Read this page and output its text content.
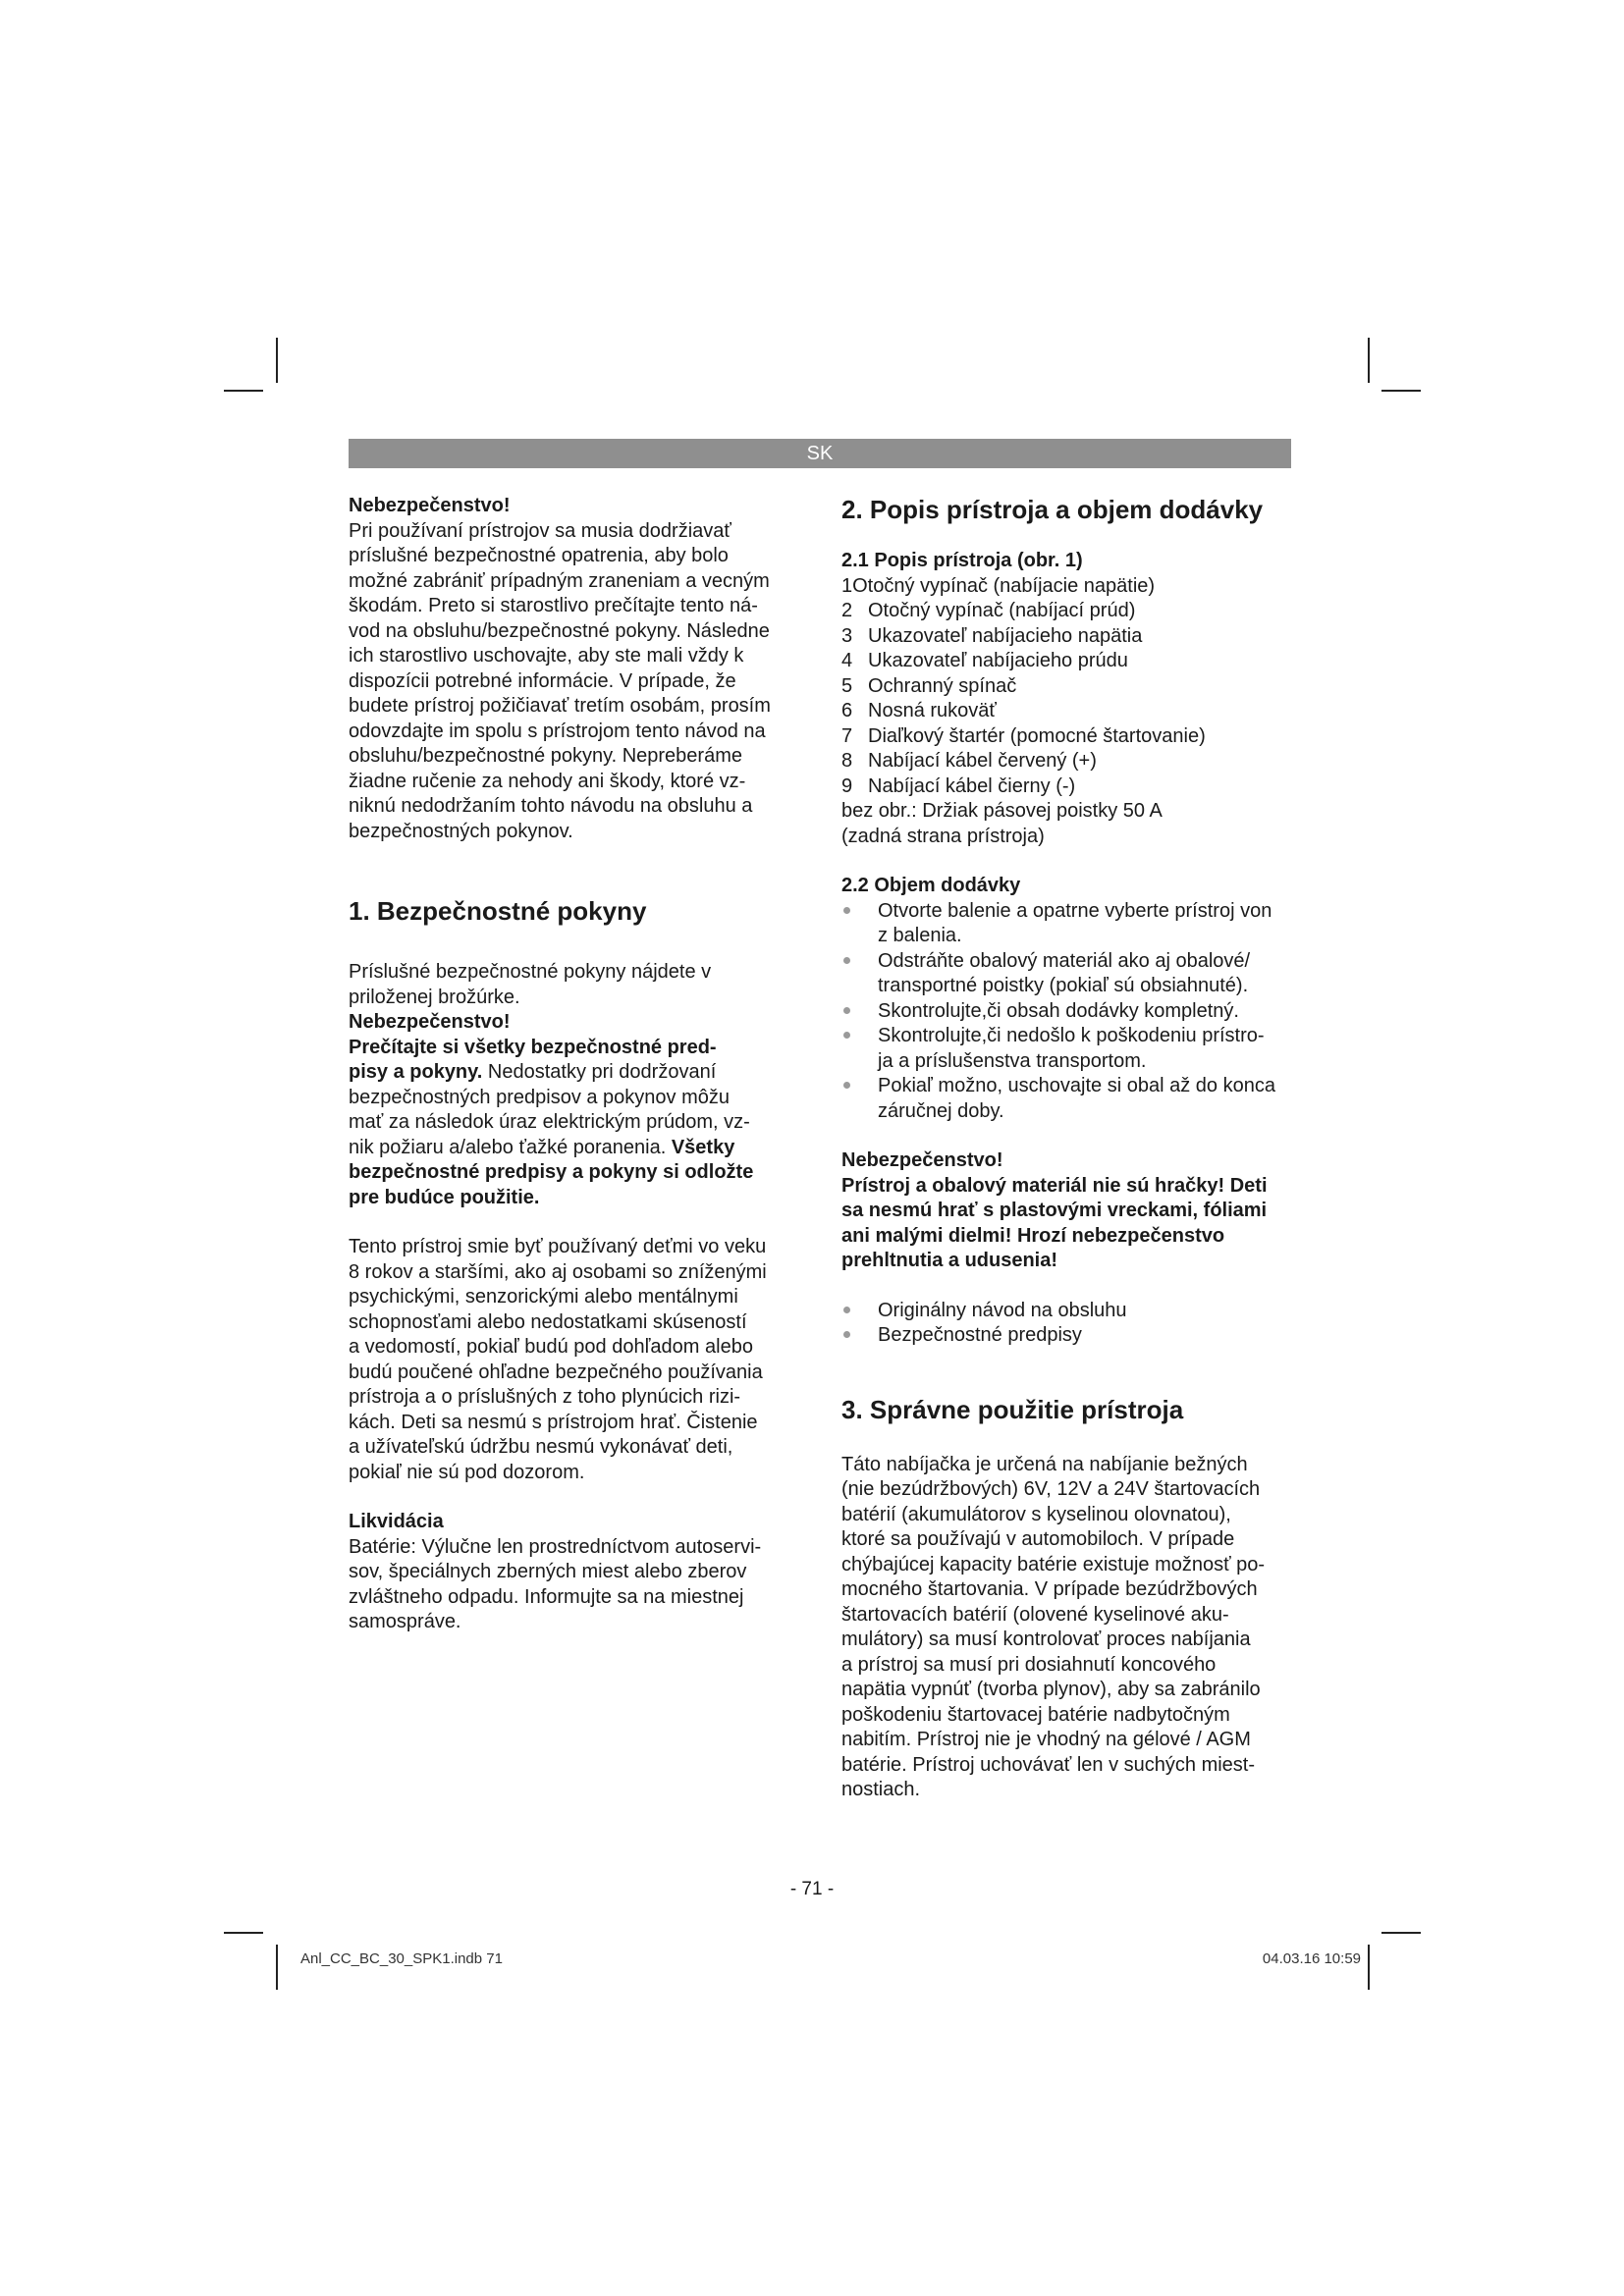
SK

Nebezpečenstvo!

Pri používaní prístrojov sa musia dodržiavať

príslušné bezpečnostné opatrenia, aby bolo

možné zabrániť prípadným zraneniam a vecným

škodám. Preto si starostlivo prečítajte tento ná-

vod na obsluhu/bezpečnostné pokyny. Následne

ich starostlivo uschovajte, aby ste mali vždy k

dispozícii potrebné informácie. V prípade, že

budete prístroj požičiavať tretím osobám, prosím

odovzdajte im spolu s prístrojom tento návod na

obsluhu/bezpečnostné pokyny. Nepreberáme

žiadne ručenie za nehody ani škody, ktoré vz-

niknú nedodržaním tohto návodu na obsluhu a

bezpečnostných pokynov.

1. Bezpečnostné pokyny

Príslušné bezpečnostné pokyny nájdete v

priloženej brožúrke.

Nebezpečenstvo!

Prečítajte si všetky bezpečnostné pred-

pisy a pokyny. Nedostatky pri dodržovaní

bezpečnostných predpisov a pokynov môžu

mať za následok úraz elektrickým prúdom, vz-

nik požiaru a/alebo ťažké poranenia. Všetky

bezpečnostné predpisy a pokyny si odložte

pre budúce použitie.

Tento prístroj smie byť používaný deťmi vo veku

8 rokov a staršími, ako aj osobami so zníženými

psychickými, senzorickými alebo mentálnymi

schopnosťami alebo nedostatkami skúseností

a vedomostí, pokiaľ budú pod dohľadom alebo

budú poučené ohľadne bezpečného používania

prístroja a o príslušných z toho plynúcich rizi-

kách. Deti sa nesmú s prístrojom hrať. Čistenie

a užívateľskú údržbu nesmú vykonávať deti,

pokiaľ nie sú pod dozorom.

Likvidácia

Batérie: Výlučne len prostredníctvom autoservi-

sov, špeciálnych zberných miest alebo zberov

zvláštneho odpadu. Informujte sa na miestnej

samospráve.

2. Popis prístroja a objem dodávky

2.1 Popis prístroja (obr. 1)

1Otočný vypínač (nabíjacie napätie)

2 Otočný vypínač (nabíjací prúd)
3 Ukazovateľ nabíjacieho napätia
4 Ukazovateľ nabíjacieho prúdu
5 Ochranný spínač
6 Nosná rukoväť
7 Diaľkový štartér (pomocné štartovanie)
8 Nabíjací kábel červený (+)
9 Nabíjací kábel čierny (-)

bez obr.: Držiak pásovej poistky 50 A

(zadná strana prístroja)

2.2 Objem dodávky

Otvorte balenie a opatrne vyberte prístroj von
z balenia.
Odstráňte obalový materiál ako aj obalové/
transportné poistky (pokiaľ sú obsiahnuté).
Skontrolujte,či obsah dodávky kompletný.
Skontrolujte,či nedošlo k poškodeniu prístro-
ja a príslušenstva transportom.
Pokiaľ možno, uschovajte si obal až do konca
záručnej doby.

Nebezpečenstvo!

Prístroj a obalový materiál nie sú hračky! Deti

sa nesmú hrať s plastovými vreckami, fóliami

ani malými dielmi! Hrozí nebezpečenstvo

prehltnutia a udusenia!

Originálny návod na obsluhu
Bezpečnostné predpisy
3. Správne použitie prístroja

Táto nabíjačka je určená na nabíjanie bežných

(nie bezúdržbových) 6V, 12V a 24V štartovacích

batérií (akumulátorov s kyselinou olovnatou),

ktoré sa používajú v automobiloch. V prípade

chýbajúcej kapacity batérie existuje možnosť po-

mocného štartovania. V prípade bezúdržbových

štartovacích batérií (olovené kyselinové aku-

mulátory) sa musí kontrolovať proces nabíjania

a prístroj sa musí pri dosiahnutí koncového

napätia vypnúť (tvorba plynov), aby sa zabránilo

poškodeniu štartovacej batérie nadbytočným

nabitím. Prístroj nie je vhodný na gélové / AGM

batérie. Prístroj uchovávať len v suchých miest-

nostiach.

- 71 -
Anl_CC_BC_30_SPK1.indb 71	04.03.16 10:59
